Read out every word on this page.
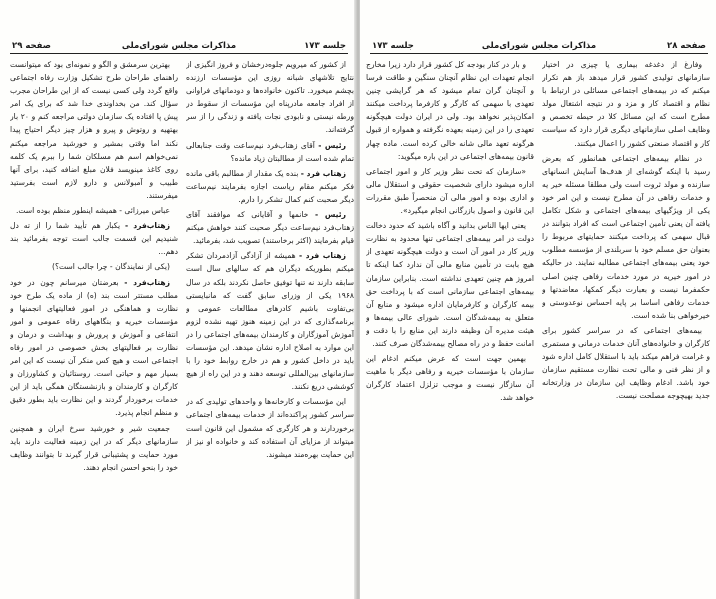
جلسه ۱۷۳
مذاکرات مجلس شورای‌ملی
صفحه ۲۹

از کشور که میرویم جلوه‌درخشان و فروز انگیزی از نتایج تلاشهای شبانه روزی این مؤسسات ارزنده بچشم میخورد. تاکنون خانواده‌ها و دودمانهای فراوانی از افراد جامعه مادرپناه این مؤسسات از سقوط در ورطه نیستی و نابودی نجات یافته و زندگی را از سر گرفته‌اند.

رئیس - آقای زهتاب‌فرد نیم‌ساعت وقت جنابعالی تمام شده است از مطالبتان زیاد مانده؟

زهتاب فرد - بنده یک مقدار از مطالبم باقی مانده فکر میکنم مقام ریاست اجازه بفرمایند نیم‌ساعت دیگر صحبت کنم کمال تشکر را دارم.

رئیس - خانمها و آقایانی که موافقند آقای زهتاب‌فرد نیم‌ساعت دیگر صحبت کنند خواهش میکنم قیام بفرمایند (اکثر برخاستند) تصویب شد، بفرمائید.

زهتاب فرد - همیشه از آزادگی آزادمردان تشکر میکنم بطوریکه دیگران هم که سالهای سال است سابقه دارند نه تنها توفیق حاصل نکردند بلکه در سال ۱۹۶۸ یکی از وزرای سابق گفت که مانبایستی بی‌تفاوت باشیم کادرهای مطالعات عمومی و برنامه‌گذاری که در این زمینه هنوز تهیه نشده لزوم آموزش آموزگاران و کارمندان بیمه‌های اجتماعی را در این موارد به اصلاح اداره نشان میدهد. این مؤسسات باید در داخل کشور و هم در خارج روابط خود را با سازمانهای بین‌المللی توسعه دهند و در این راه از هیچ کوششی دریغ نکنند.

این مؤسسات و کارخانه‌ها و واحدهای تولیدی که در سراسر کشور پراکنده‌اند از خدمات بیمه‌های اجتماعی برخوردارند و هر کارگری که مشمول این قانون است میتواند از مزایای آن استفاده کند و خانواده او نیز از این حمایت بهره‌مند میشوند.

بهترین سرمشق و الگو و نمونه‌ای بود که میتوانست راهنمای طراحان طرح تشکیل وزارت رفاه اجتماعی واقع گردد ولی کسی نیست که از این طراحان مجرب سؤال کند. من بخداوندی خدا شد که برای یک امر پیش پا افتاده یک سازمان دولتی مراجعه کنم و ۲۰ بار بهتهیه و روتوش و پیرو و هزار چیز دیگر احتیاج پیدا نکند اما وقتی بمشیر و خورشید مراجعه میکنم نمی‌خواهم اسم هم مسلکان شما را ببرم یک کلمه روی کاغذ مینویسد فلان مبلغ اضافه کنید، برای آنها طبیب و آمبولانس و دارو لازم است بفرستید میفرستند.

عباس میرزائی - همیشه اینطور منظم بوده است.

زهتاب‌فرد - یکبار هم تأیید شما را از ته دل شنیدیم این قسمت جالب است توجه بفرمائید بند دهم...

(یکی از نمایندگان - چرا جالب است؟)

زهتاب‌فرد - بعرضتان میرسانم چون در خود مطلب مستتر است بند (ه) از ماده یک طرح خود نظارت و هماهنگی در امور فعالیتهای انجمنها و مؤسسات خیریه و بنگاههای رفاه عمومی و امور انتفاعی و آموزش و پرورش و بهداشت و درمان و نظارت بر فعالیتهای بخش خصوصی در امور رفاه اجتماعی است و هیچ کس منکر آن نیست که این امر بسیار مهم و حیاتی است. روستائیان و کشاورزان و کارگران و کارمندان و بازنشستگان همگی باید از این خدمات برخوردار گردند و این نظارت باید بطور دقیق و منظم انجام پذیرد.

جمعیت شیر و خورشید سرخ ایران و همچنین سازمانهای دیگر که در این زمینه فعالیت دارند باید مورد حمایت و پشتیبانی قرار گیرند تا بتوانند وظایف خود را بنحو احسن انجام دهند.

صفحه ۲۸
مذاکرات مجلس شورای‌ملی
جلسه ۱۷۳

وفارغ از دغدغه بیماری یا چیزی در اختیار سازمانهای تولیدی کشور قرار میدهد باز هم تکرار میکنم که در بیمه‌های اجتماعی مسائلی در ارتباط با نظام و اقتصاد کار و مزد و در نتیجه اشتغال مولد مطرح است که این مسائل کلا در حیطه تخصص و وظایف اصلی سازمانهای دیگری قرار دارد که سیاست کار و اقتصاد صنعتی کشور را اعمال میکنند.

در نظام بیمه‌های اجتماعی همانطور که بعرض رسید با اینکه گوشه‌ای از هدف‌ها آسایش انسانهای سازنده و مولد ثروت است ولی مطلقا مسئله خیر یه و خدمات رفاهی در آن مطرح نیست و این امر خود یکی از ویژگیهای بیمه‌های اجتماعی و شکل تکامل یافته آن یعنی تأمین اجتماعی است که افراد بتوانند در قبال سهمی که پرداخت میکنند حمایتهای مربوط را بعنوان حق مسلم خود با سربلندی از مؤسسه مطلوب خود یعنی بیمه‌های اجتماعی مطالبه نمایند. در حالیکه در امور خیریه در مورد خدمات رفاهی چنین اصلی حکمفرما نیست و بعبارت دیگر کمکها، معاضدتها و خدمات رفاهی اساسا بر پایه احساس نوعدوستی و خیرخواهی بنا شده است.

بیمه‌های اجتماعی که در سراسر کشور برای کارگران و خانواده‌های آنان خدمات درمانی و مستمری و غرامت فراهم میکند باید با استقلال کامل اداره شود و از نظر فنی و مالی تحت نظارت مستقیم سازمان خود باشد. ادغام وظایف این سازمان در وزارتخانه جدید بهیچوجه مصلحت نیست.

و بار در کنار بودجه کل کشور قرار دارد زیرا مخارج انجام تعهدات این نظام آنچنان سنگین و طاقت فرسا و آنچنان گران تمام میشود که هر گرایشی چنین تعهدی با سهمی که کارگر و کارفرما پرداخت میکنند امکان‌پذیر نخواهد بود. ولی در ایران دولت هیچگونه تعهدی را در این زمینه بعهده نگرفته و همواره از قبول هرگونه تعهد مالی شانه خالی کرده است. ماده چهار قانون بیمه‌های اجتماعی در این باره میگوید:

«سازمان که تحت نظر وزیر کار و امور اجتماعی اداره میشود دارای شخصیت حقوقی و استقلال مالی و اداری بوده و امور مالی آن منحصراً طبق مقررات این قانون و اصول بازرگانی انجام میگیرد».

یعنی ایها الناس بدانید و آگاه باشید که حدود دخالت دولت در امر بیمه‌های اجتماعی تنها محدود به نظارت وزیر کار در امور آن است و دولت هیچگونه تعهدی از هیچ بابت در تأمین منابع مالی آن ندارد کما اینکه تا امروز هم چنین تعهدی نداشته است. بنابراین سازمان بیمه‌های اجتماعی سازمانی است که با پرداخت حق بیمه کارگران و کارفرمایان اداره میشود و منابع آن متعلق به بیمه‌شدگان است. شورای عالی بیمه‌ها و هیئت مدیره آن وظیفه دارند این منابع را با دقت و امانت حفظ و در راه مصالح بیمه‌شدگان صرف کنند.

بهمین جهت است که عرض میکنم ادغام این سازمان با مؤسسات خیریه و رفاهی دیگر با ماهیت آن سازگار نیست و موجب تزلزل اعتماد کارگران خواهد شد.
